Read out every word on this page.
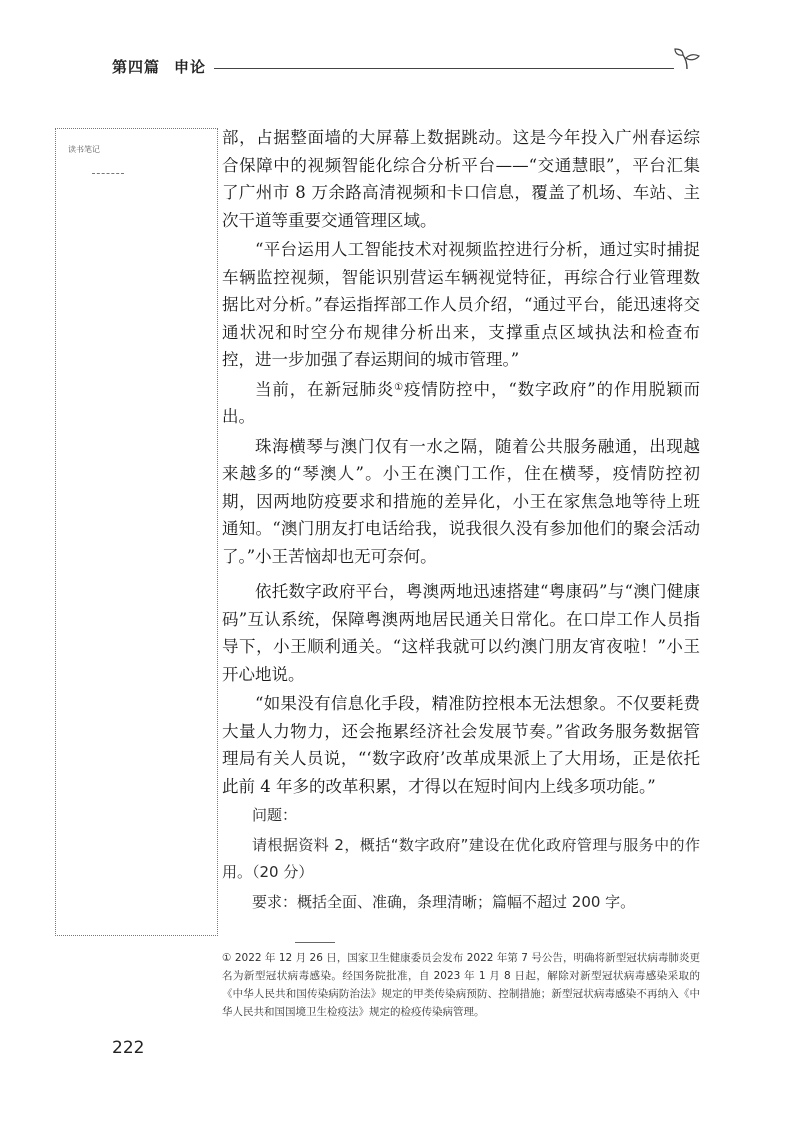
第四篇 申论
读书笔记

部，占据整面墙的大屏幕上数据跳动。这是今年投入广州春运综合保障中的视频智能化综合分析平台——“交通慧眼”，平台汇集了广州市 8 万余路高清视频和卡口信息，覆盖了机场、车站、主次干道等重要交通管理区域。

“平台运用人工智能技术对视频监控进行分析，通过实时捕捉车辆监控视频，智能识别营运车辆视觉特征，再综合行业管理数据比对分析。”春运指挥部工作人员介绍，“通过平台，能迅速将交通状况和时空分布规律分析出来，支撑重点区域执法和检查布控，进一步加强了春运期间的城市管理。”

当前，在新冠肺炎①疫情防控中，“数字政府”的作用脱颖而出。

珠海横琴与澳门仅有一水之隔，随着公共服务融通，出现越来越多的“琴澳人”。小王在澳门工作，住在横琴，疫情防控初期，因两地防疫要求和措施的差异化，小王在家焦急地等待上班通知。“澳门朋友打电话给我，说我很久没有参加他们的聚会活动了。”小王苦恼却也无可奈何。

依托数字政府平台，粤澳两地迅速搭建“粤康码”与“澳门健康码”互认系统，保障粤澳两地居民通关日常化。在口岸工作人员指导下，小王顺利通关。“这样我就可以约澳门朋友宵夜啦！”小王开心地说。

“如果没有信息化手段，精准防控根本无法想象。不仅要耗费大量人力物力，还会拖累经济社会发展节奏。”省政务服务数据管理局有关人员说，“‘数字政府’改革成果派上了大用场，正是依托此前 4 年多的改革积累，才得以在短时间内上线多项功能。”

问题：

请根据资料 2，概括“数字政府”建设在优化政府管理与服务中的作用。（20 分）

要求：概括全面、准确，条理清晰；篇幅不超过 200 字。

① 2022 年 12 月 26 日，国家卫生健康委员会发布 2022 年第 7 号公告，明确将新型冠状病毒肺炎更名为新型冠状病毒感染。经国务院批准，自 2023 年 1 月 8 日起，解除对新型冠状病毒感染采取的《中华人民共和国传染病防治法》规定的甲类传染病预防、控制措施；新型冠状病毒感染不再纳入《中华人民共和国国境卫生检疫法》规定的检疫传染病管理。
222
